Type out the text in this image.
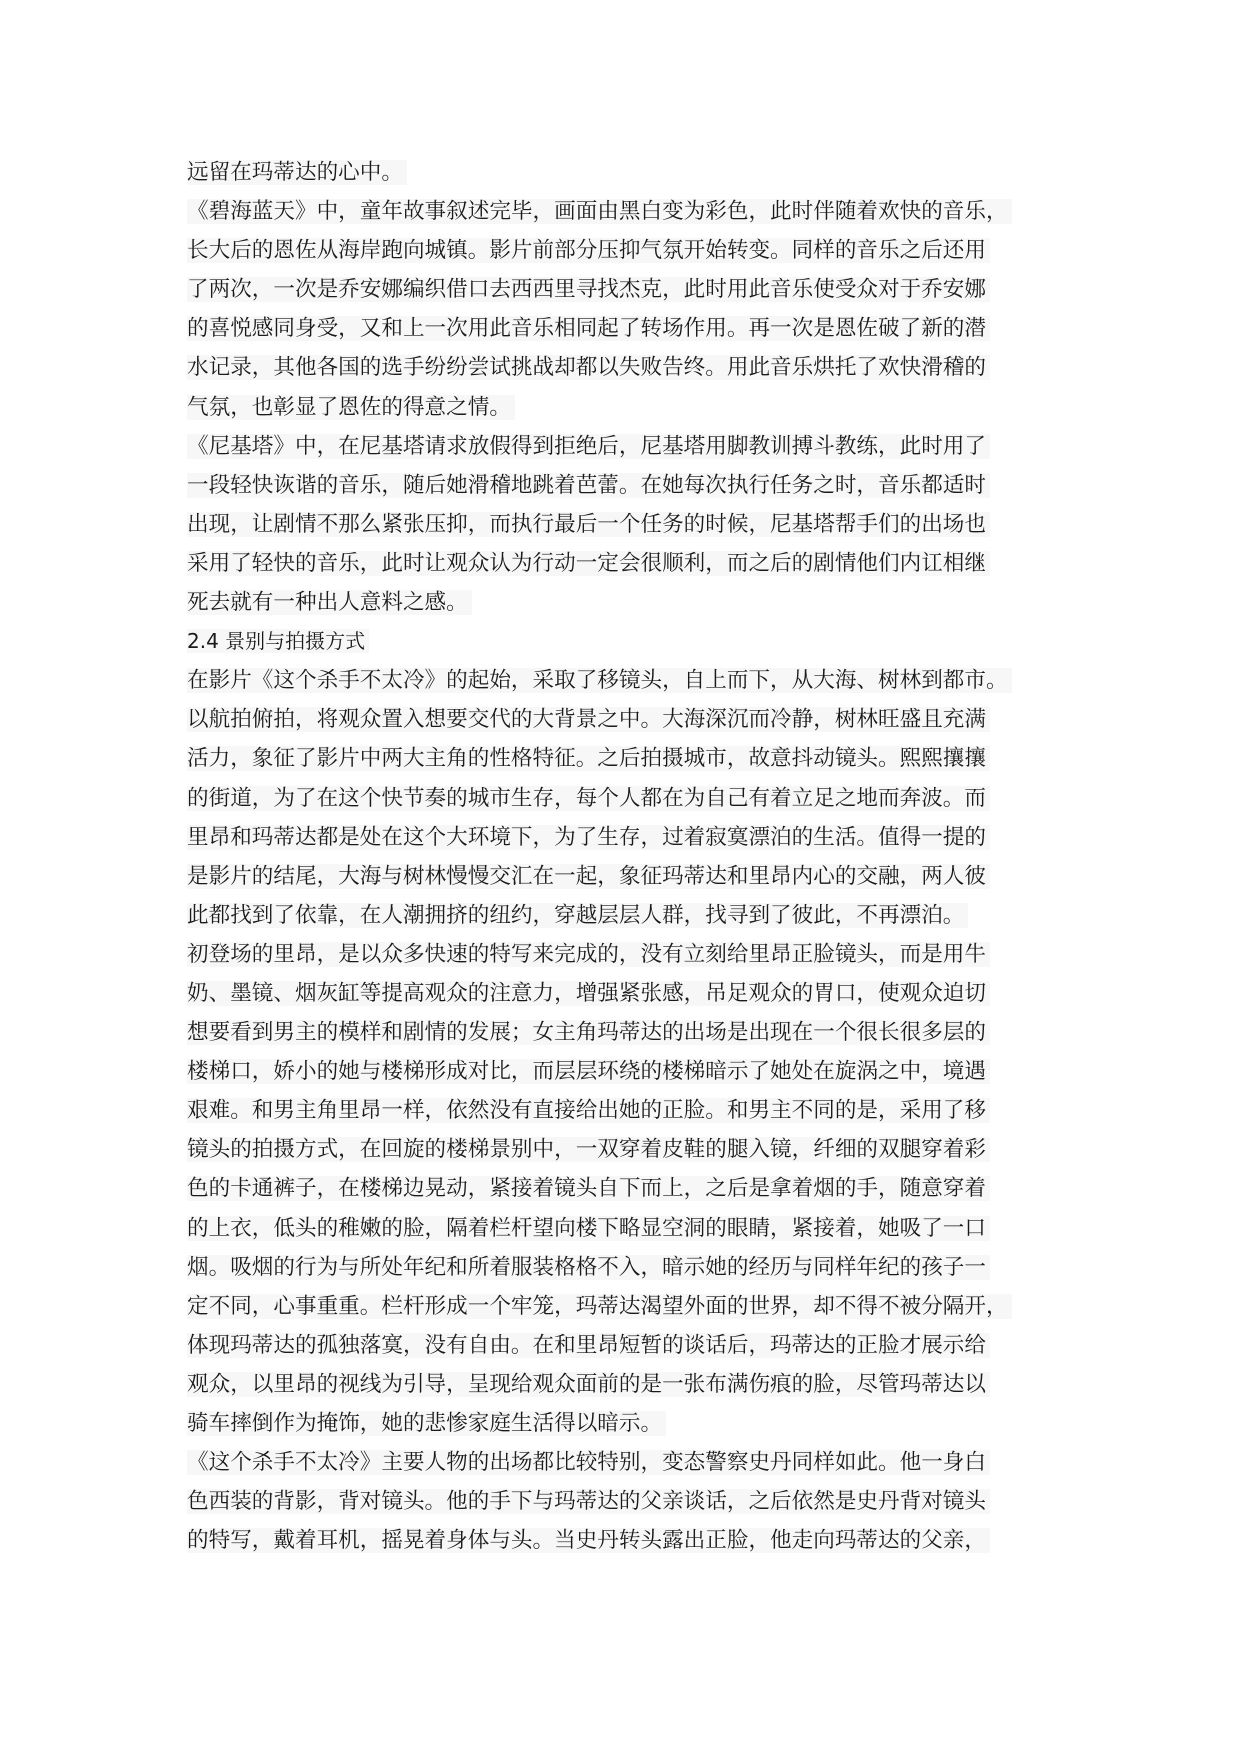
远留在玛蒂达的心中。
《碧海蓝天》中，童年故事叙述完毕，画面由黑白变为彩色，此时伴随着欢快的音乐，
长大后的恩佐从海岸跑向城镇。影片前部分压抑气氛开始转变。同样的音乐之后还用
了两次，一次是乔安娜编织借口去西西里寻找杰克，此时用此音乐使受众对于乔安娜
的喜悦感同身受，又和上一次用此音乐相同起了转场作用。再一次是恩佐破了新的潜
水记录，其他各国的选手纷纷尝试挑战却都以失败告终。用此音乐烘托了欢快滑稽的
气氛，也彰显了恩佐的得意之情。
《尼基塔》中，在尼基塔请求放假得到拒绝后，尼基塔用脚教训搏斗教练，此时用了
一段轻快诙谐的音乐，随后她滑稽地跳着芭蕾。在她每次执行任务之时，音乐都适时
出现，让剧情不那么紧张压抑，而执行最后一个任务的时候，尼基塔帮手们的出场也
采用了轻快的音乐，此时让观众认为行动一定会很顺利，而之后的剧情他们内讧相继
死去就有一种出人意料之感。
2.4 景别与拍摄方式
在影片《这个杀手不太冷》的起始，采取了移镜头，自上而下，从大海、树林到都市。
以航拍俯拍，将观众置入想要交代的大背景之中。大海深沉而冷静，树林旺盛且充满
活力，象征了影片中两大主角的性格特征。之后拍摄城市，故意抖动镜头。熙熙攘攘
的街道，为了在这个快节奏的城市生存，每个人都在为自己有着立足之地而奔波。而
里昂和玛蒂达都是处在这个大环境下，为了生存，过着寂寞漂泊的生活。值得一提的
是影片的结尾，大海与树林慢慢交汇在一起，象征玛蒂达和里昂内心的交融，两人彼
此都找到了依靠，在人潮拥挤的纽约，穿越层层人群，找寻到了彼此，不再漂泊。
初登场的里昂，是以众多快速的特写来完成的，没有立刻给里昂正脸镜头，而是用牛
奶、墨镜、烟灰缸等提高观众的注意力，增强紧张感，吊足观众的胃口，使观众迫切
想要看到男主的模样和剧情的发展；女主角玛蒂达的出场是出现在一个很长很多层的
楼梯口，娇小的她与楼梯形成对比，而层层环绕的楼梯暗示了她处在旋涡之中，境遇
艰难。和男主角里昂一样，依然没有直接给出她的正脸。和男主不同的是，采用了移
镜头的拍摄方式，在回旋的楼梯景别中，一双穿着皮鞋的腿入镜，纤细的双腿穿着彩
色的卡通裤子，在楼梯边晃动，紧接着镜头自下而上，之后是拿着烟的手，随意穿着
的上衣，低头的稚嫩的脸，隔着栏杆望向楼下略显空洞的眼睛，紧接着，她吸了一口
烟。吸烟的行为与所处年纪和所着服装格格不入，暗示她的经历与同样年纪的孩子一
定不同，心事重重。栏杆形成一个牢笼，玛蒂达渴望外面的世界，却不得不被分隔开，
体现玛蒂达的孤独落寞，没有自由。在和里昂短暂的谈话后，玛蒂达的正脸才展示给
观众，以里昂的视线为引导，呈现给观众面前的是一张布满伤痕的脸，尽管玛蒂达以
骑车摔倒作为掩饰，她的悲惨家庭生活得以暗示。
《这个杀手不太冷》主要人物的出场都比较特别，变态警察史丹同样如此。他一身白
色西装的背影，背对镜头。他的手下与玛蒂达的父亲谈话，之后依然是史丹背对镜头
的特写，戴着耳机，摇晃着身体与头。当史丹转头露出正脸，他走向玛蒂达的父亲，
